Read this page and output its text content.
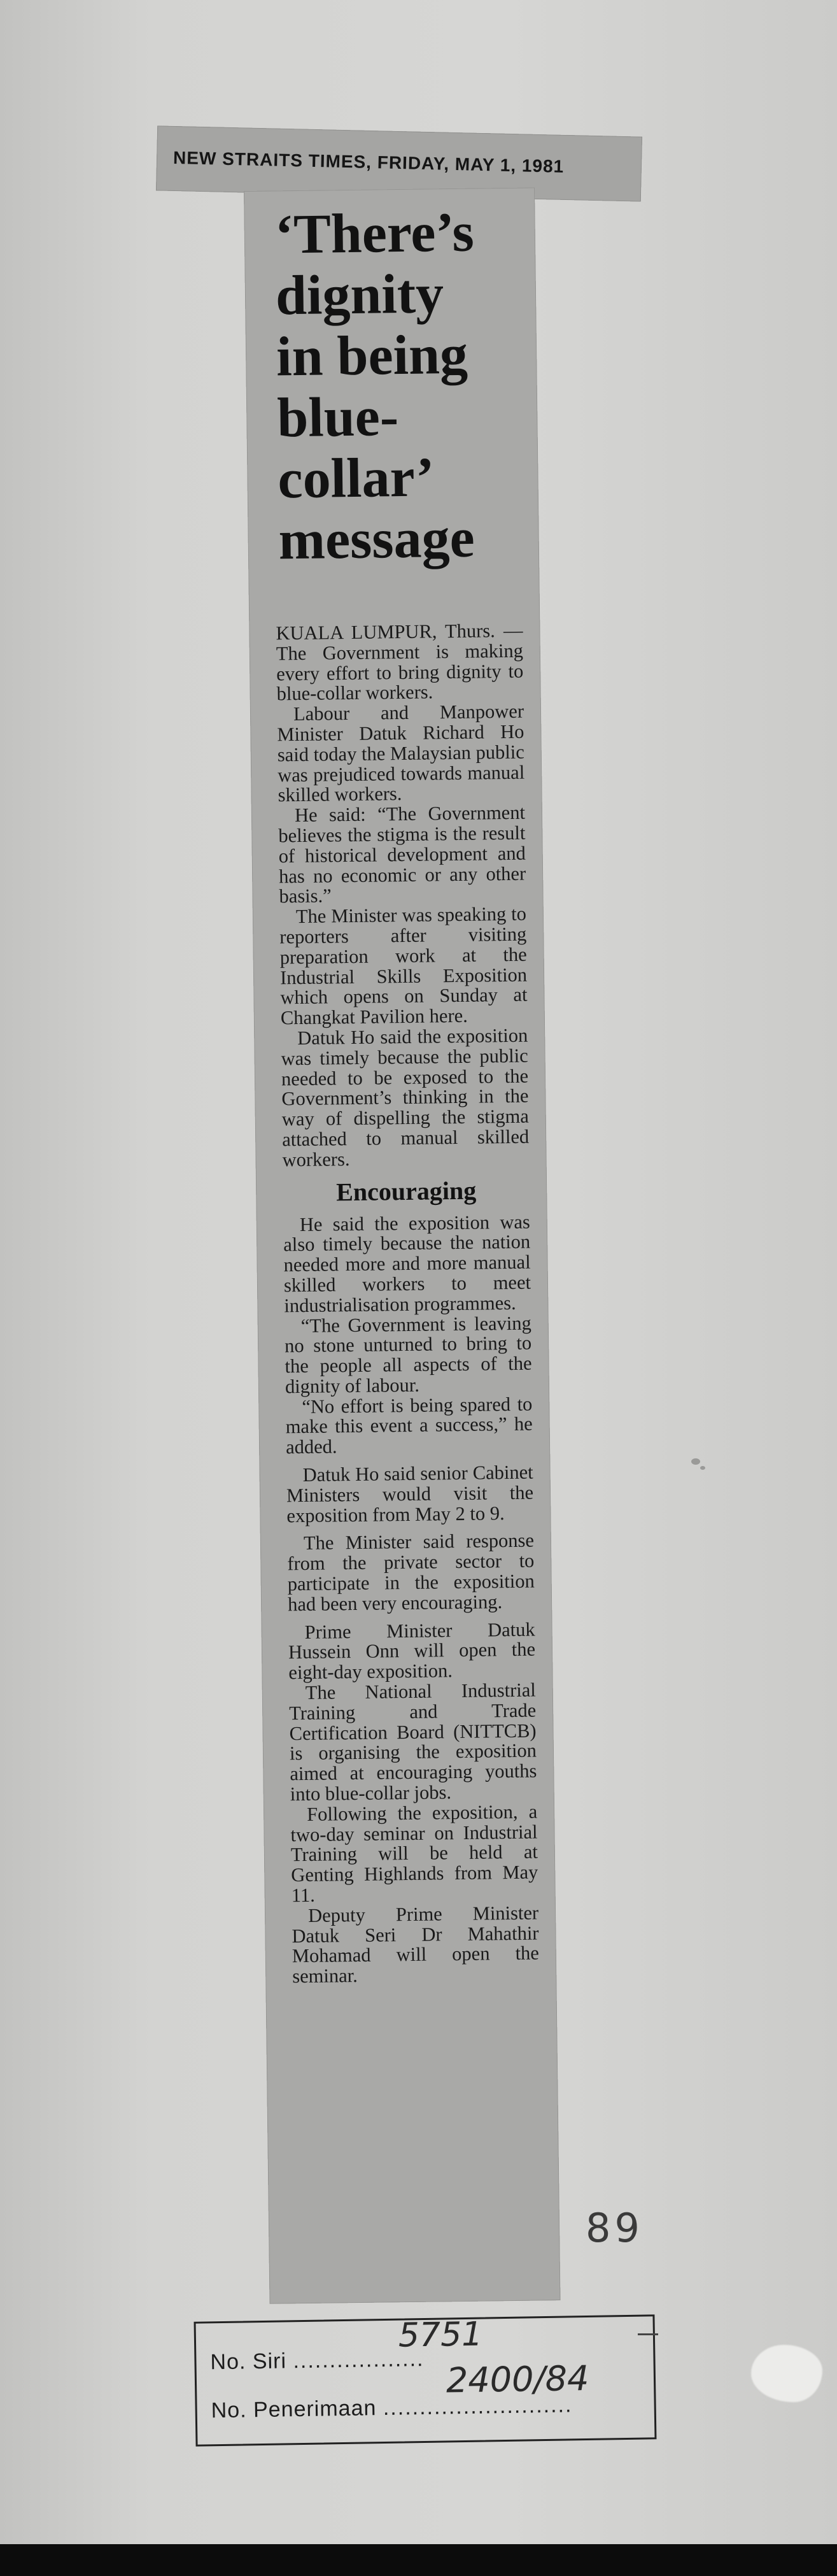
NEW STRAITS TIMES, FRIDAY, MAY 1, 1981
‘There’s
dignity
in being
blue-
collar’
message

KUALA LUMPUR, Thurs. — The Government is making every effort to bring dignity to blue-collar workers.

Labour and Manpower Minister Datuk Richard Ho said today the Malaysian public was prejudiced towards manual skilled workers.

He said: “The Government believes the stigma is the result of historical development and has no economic or any other basis.”

The Minister was speaking to reporters after visiting preparation work at the Industrial Skills Exposition which opens on Sunday at Changkat Pavilion here.

Datuk Ho said the exposition was timely because the public needed to be exposed to the Government’s thinking in the way of dispelling the stigma attached to manual skilled workers.

Encouraging

He said the exposition was also timely because the nation needed more and more manual skilled workers to meet industrialisation programmes.

“The Government is leaving no stone unturned to bring to the people all aspects of the dignity of labour.

“No effort is being spared to make this event a success,” he added.

Datuk Ho said senior Cabinet Ministers would visit the exposition from May 2 to 9.

The Minister said response from the private sector to participate in the exposition had been very encouraging.

Prime Minister Datuk Hussein Onn will open the eight-day exposition.

The National Industrial Training and Trade Certification Board (NITTCB) is organising the exposition aimed at encouraging youths into blue-collar jobs.

Following the exposition, a two-day seminar on Industrial Training will be held at Genting Highlands from May 11.

Deputy Prime Minister Datuk Seri Dr Mahathir Mohamad will open the seminar.

89
No. Siri ..................
5751
No. Penerimaan ..........................
2400/84
